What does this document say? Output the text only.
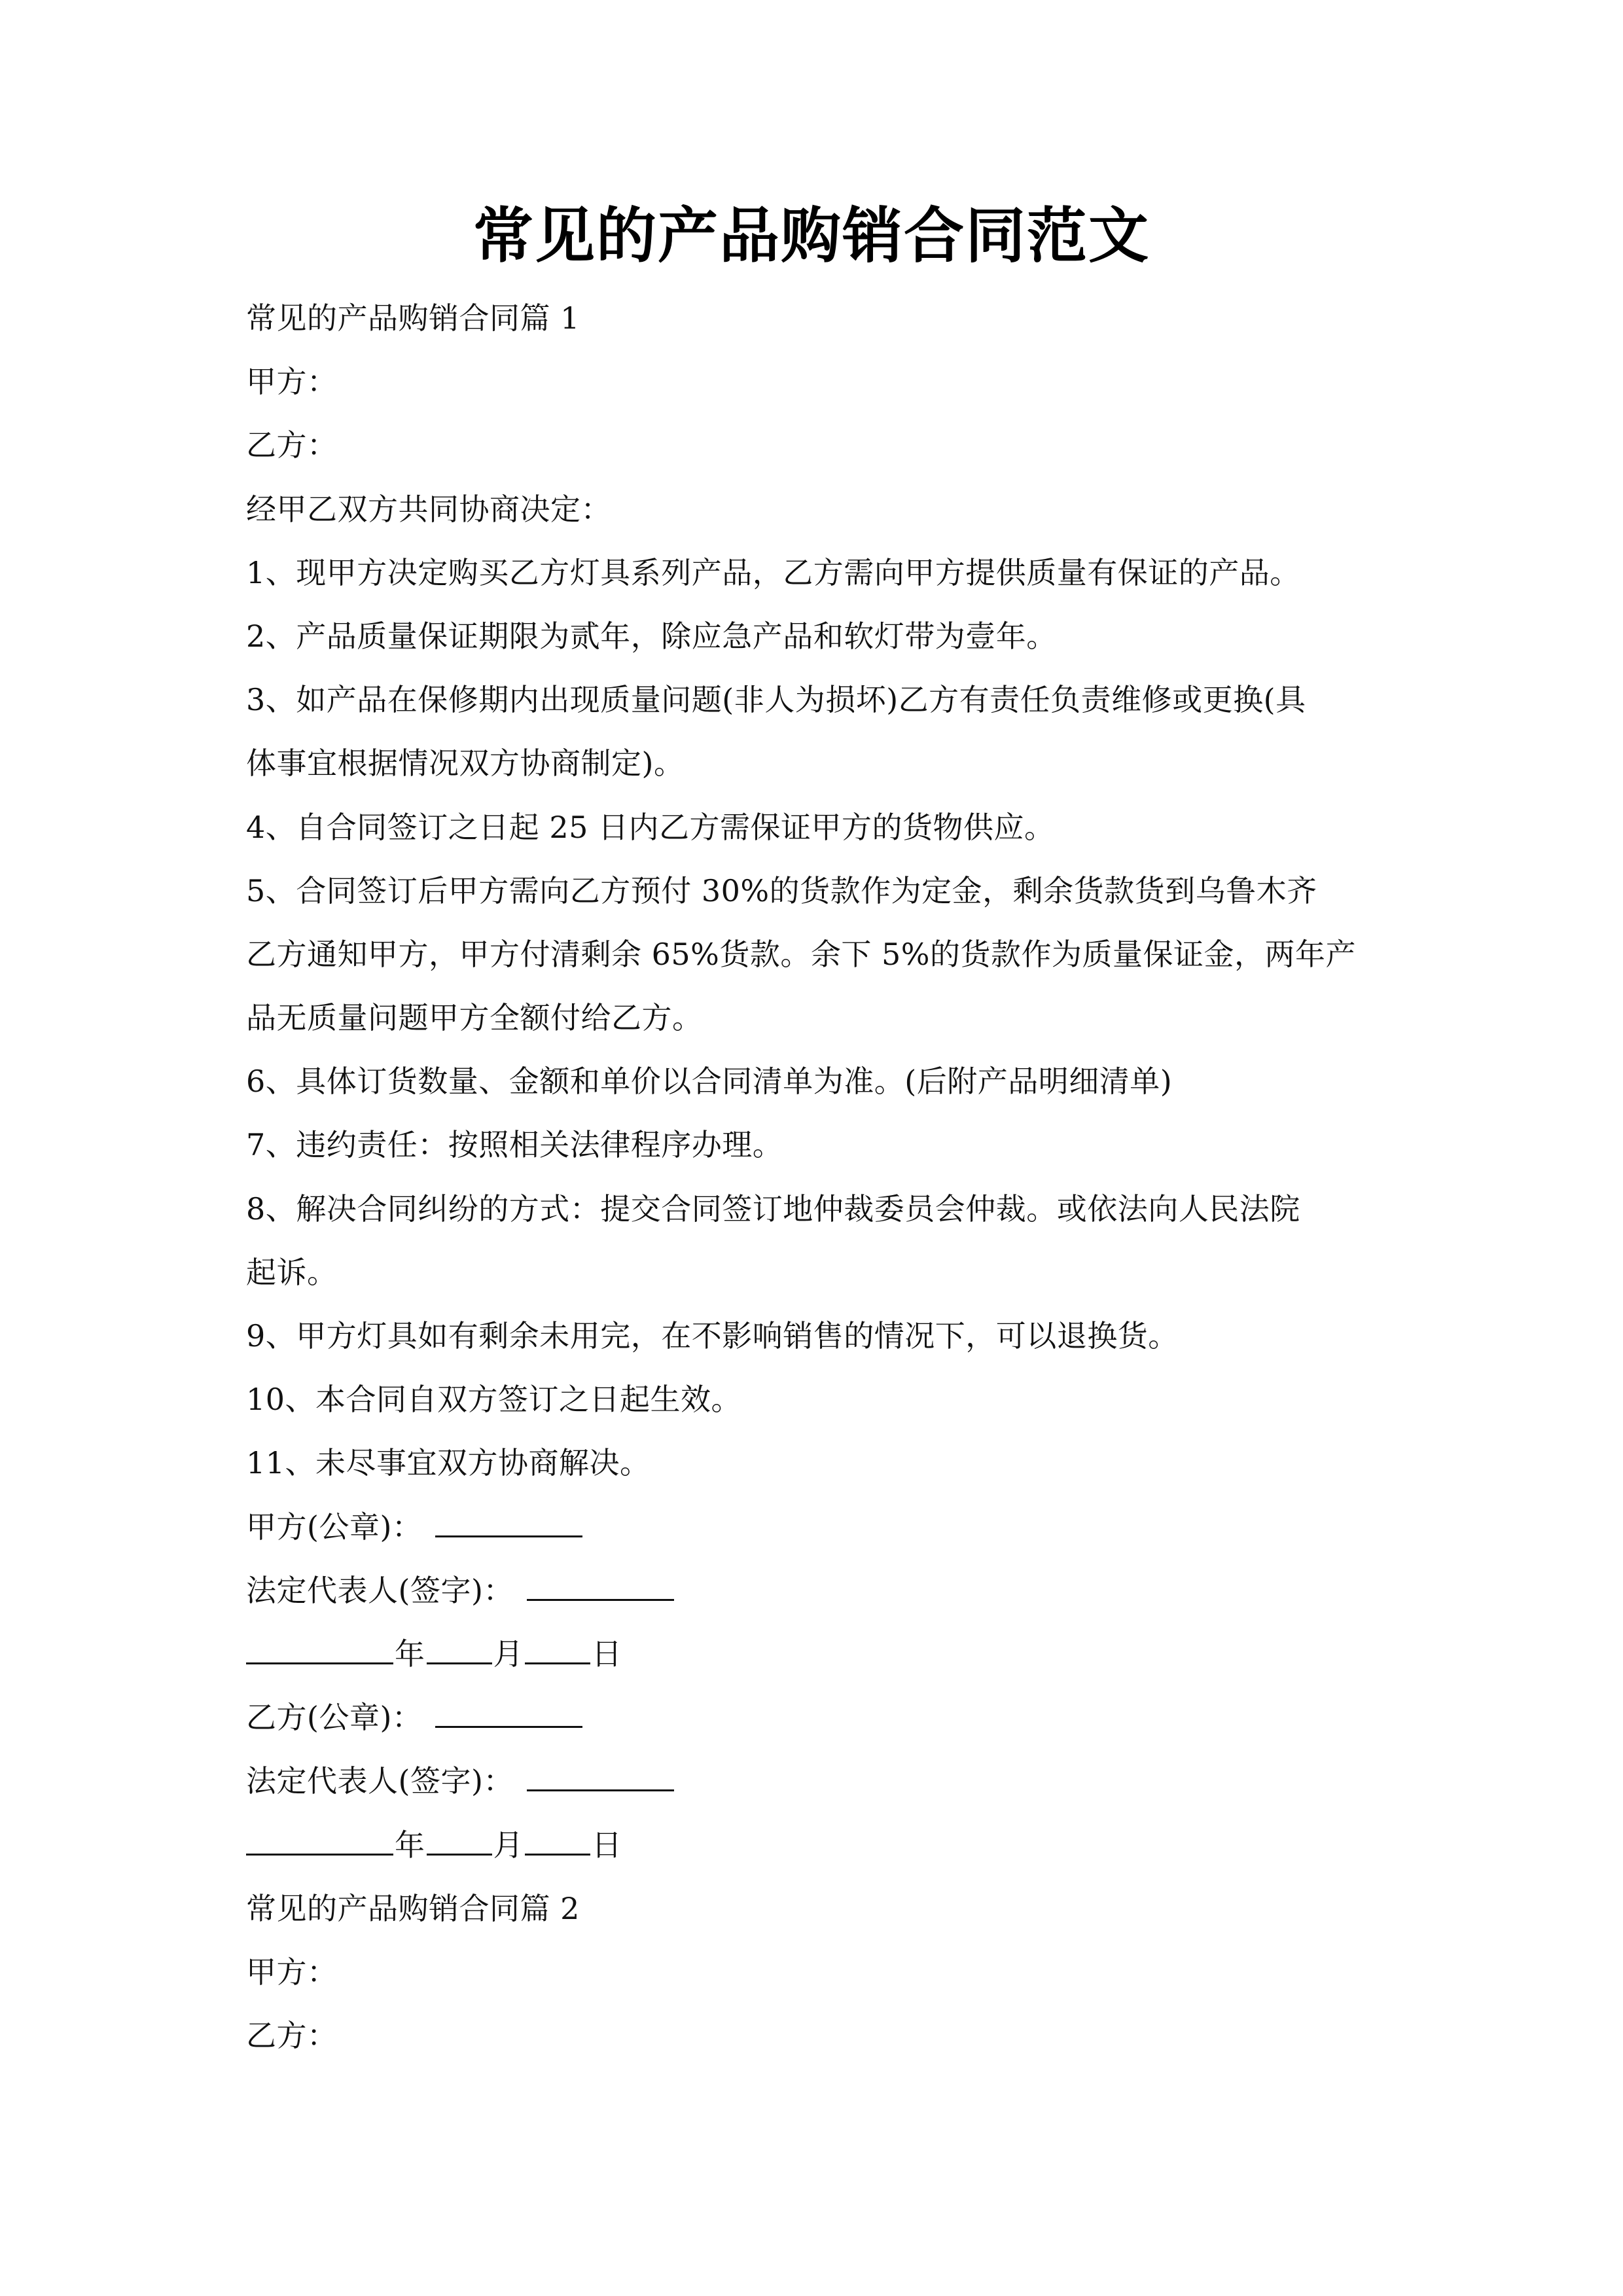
常见的产品购销合同范文
常见的产品购销合同篇 1
甲方：
乙方：
经甲乙双方共同协商决定：
1、现甲方决定购买乙方灯具系列产品，乙方需向甲方提供质量有保证的产品。
2、产品质量保证期限为贰年，除应急产品和软灯带为壹年。
3、如产品在保修期内出现质量问题(非人为损坏)乙方有责任负责维修或更换(具
体事宜根据情况双方协商制定)。
4、自合同签订之日起 25 日内乙方需保证甲方的货物供应。
5、合同签订后甲方需向乙方预付 30%的货款作为定金，剩余货款货到乌鲁木齐
乙方通知甲方，甲方付清剩余 65%货款。余下 5%的货款作为质量保证金，两年产
品无质量问题甲方全额付给乙方。
6、具体订货数量、金额和单价以合同清单为准。(后附产品明细清单)
7、违约责任：按照相关法律程序办理。
8、解决合同纠纷的方式：提交合同签订地仲裁委员会仲裁。或依法向人民法院
起诉。
9、甲方灯具如有剩余未用完，在不影响销售的情况下，可以退换货。
10、本合同自双方签订之日起生效。
11、未尽事宜双方协商解决。
甲方(公章)：
法定代表人(签字)：
年 月 日
乙方(公章)：
法定代表人(签字)：
年 月 日
常见的产品购销合同篇 2
甲方：
乙方：
